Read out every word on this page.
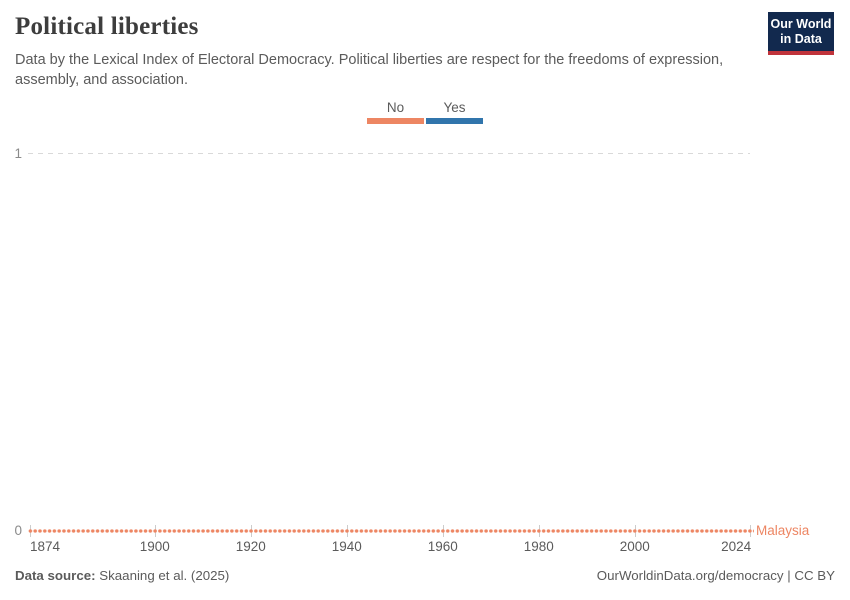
Political liberties	Our World
in Data

Data by the Lexical Index of Electoral Democracy. Political liberties are respect for the freedoms of expression, assembly, and association.

No	Yes
1
0
1874	1900	1920	1940	1960	1980	2000	2024
Malaysia
Data source: Skaaning et al. (2025)	OurWorldinData.org/democracy | CC BY
